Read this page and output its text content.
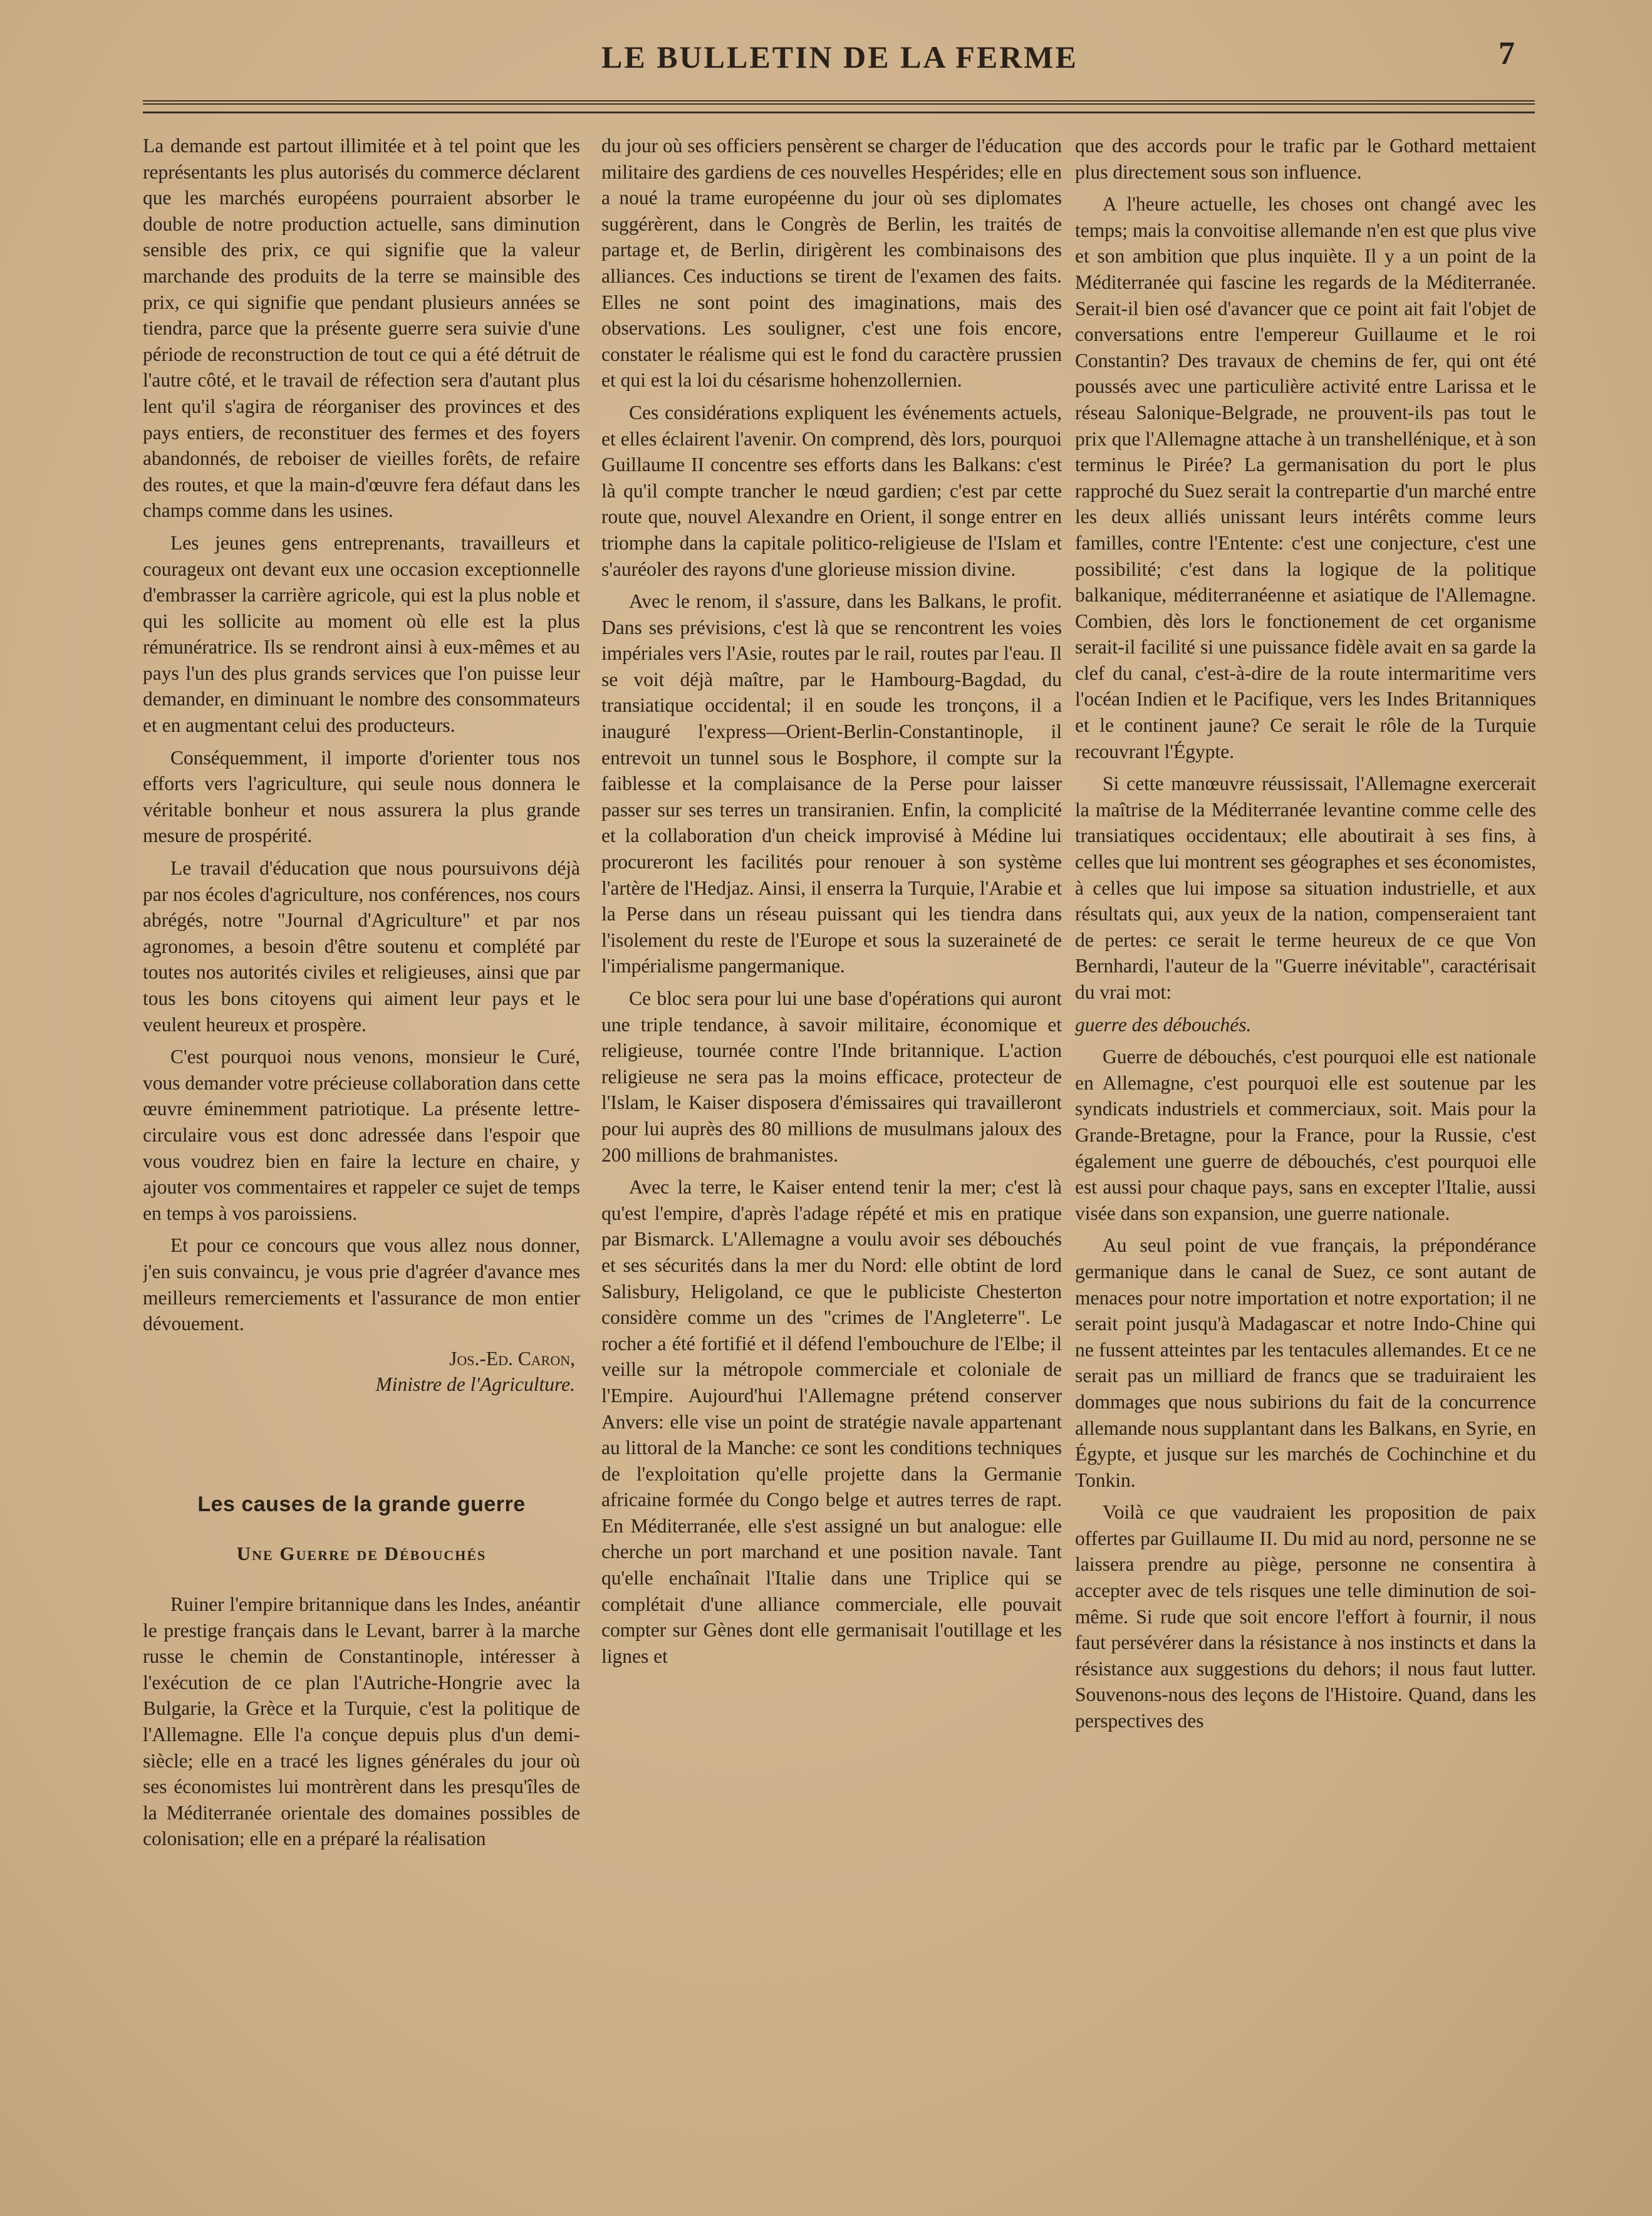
LE BULLETIN DE LA FERME	7

La demande est partout illimitée et à tel point que les représentants les plus autorisés du commerce déclarent que les marchés européens pourraient absorber le double de notre production actuelle, sans diminution sensible des prix, ce qui signifie que la valeur marchande des produits de la terre se mainsible des prix, ce qui signifie que pendant plusieurs années se tiendra, parce que la présente guerre sera suivie d'une période de reconstruction de tout ce qui a été détruit de l'autre côté, et le travail de réfection sera d'autant plus lent qu'il s'agira de réorganiser des provinces et des pays entiers, de reconstituer des fermes et des foyers abandonnés, de reboiser de vieilles forêts, de refaire des routes, et que la main-d'œuvre fera défaut dans les champs comme dans les usines.

Les jeunes gens entreprenants, travailleurs et courageux ont devant eux une occasion exceptionnelle d'embrasser la carrière agricole, qui est la plus noble et qui les sollicite au moment où elle est la plus rémunératrice. Ils se rendront ainsi à eux-mêmes et au pays l'un des plus grands services que l'on puisse leur demander, en diminuant le nombre des consommateurs et en augmentant celui des producteurs.

Conséquemment, il importe d'orienter tous nos efforts vers l'agriculture, qui seule nous donnera le véritable bonheur et nous assurera la plus grande mesure de prospérité.

Le travail d'éducation que nous poursuivons déjà par nos écoles d'agriculture, nos conférences, nos cours abrégés, notre "Journal d'Agriculture" et par nos agronomes, a besoin d'être soutenu et complété par toutes nos autorités civiles et religieuses, ainsi que par tous les bons citoyens qui aiment leur pays et le veulent heureux et prospère.

C'est pourquoi nous venons, monsieur le Curé, vous demander votre précieuse collaboration dans cette œuvre éminemment patriotique. La présente lettre-circulaire vous est donc adressée dans l'espoir que vous voudrez bien en faire la lecture en chaire, y ajouter vos commentaires et rappeler ce sujet de temps en temps à vos paroissiens.

Et pour ce concours que vous allez nous donner, j'en suis convaincu, je vous prie d'agréer d'avance mes meilleurs remerciements et l'assurance de mon entier dévouement.

Jos.-Ed. Caron,
Ministre de l'Agriculture.
Les causes de la grande guerre
Une Guerre de Débouchés

Ruiner l'empire britannique dans les Indes, anéantir le prestige français dans le Levant, barrer à la marche russe le chemin de Constantinople, intéresser à l'exécution de ce plan l'Autriche-Hongrie avec la Bulgarie, la Grèce et la Turquie, c'est la politique de l'Allemagne. Elle l'a conçue depuis plus d'un demi-siècle; elle en a tracé les lignes générales du jour où ses économistes lui montrèrent dans les presqu'îles de la Méditerranée orientale des domaines possibles de colonisation; elle en a préparé la réalisation

du jour où ses officiers pensèrent se charger de l'éducation militaire des gardiens de ces nouvelles Hespérides; elle en a noué la trame européenne du jour où ses diplomates suggérèrent, dans le Congrès de Berlin, les traités de partage et, de Berlin, dirigèrent les combinaisons des alliances. Ces inductions se tirent de l'examen des faits. Elles ne sont point des imaginations, mais des observations. Les souligner, c'est une fois encore, constater le réalisme qui est le fond du caractère prussien et qui est la loi du césarisme hohenzollernien.

Ces considérations expliquent les événements actuels, et elles éclairent l'avenir. On comprend, dès lors, pourquoi Guillaume II concentre ses efforts dans les Balkans: c'est là qu'il compte trancher le nœud gardien; c'est par cette route que, nouvel Alexandre en Orient, il songe entrer en triomphe dans la capitale politico-religieuse de l'Islam et s'auréoler des rayons d'une glorieuse mission divine.

Avec le renom, il s'assure, dans les Balkans, le profit. Dans ses prévisions, c'est là que se rencontrent les voies impériales vers l'Asie, routes par le rail, routes par l'eau. Il se voit déjà maître, par le Hambourg-Bagdad, du transiatique occidental; il en soude les tronçons, il a inauguré l'express—Orient-Berlin-Constantinople, il entrevoit un tunnel sous le Bosphore, il compte sur la faiblesse et la complaisance de la Perse pour laisser passer sur ses terres un transiranien. Enfin, la complicité et la collaboration d'un cheick improvisé à Médine lui procureront les facilités pour renouer à son système l'artère de l'Hedjaz. Ainsi, il enserra la Turquie, l'Arabie et la Perse dans un réseau puissant qui les tiendra dans l'isolement du reste de l'Europe et sous la suzeraineté de l'impérialisme pangermanique.

Ce bloc sera pour lui une base d'opérations qui auront une triple tendance, à savoir militaire, économique et religieuse, tournée contre l'Inde britannique. L'action religieuse ne sera pas la moins efficace, protecteur de l'Islam, le Kaiser disposera d'émissaires qui travailleront pour lui auprès des 80 millions de musulmans jaloux des 200 millions de brahmanistes.

Avec la terre, le Kaiser entend tenir la mer; c'est là qu'est l'empire, d'après l'adage répété et mis en pratique par Bismarck. L'Allemagne a voulu avoir ses débouchés et ses sécurités dans la mer du Nord: elle obtint de lord Salisbury, Heligoland, ce que le publiciste Chesterton considère comme un des "crimes de l'Angleterre". Le rocher a été fortifié et il défend l'embouchure de l'Elbe; il veille sur la métropole commerciale et coloniale de l'Empire. Aujourd'hui l'Allemagne prétend conserver Anvers: elle vise un point de stratégie navale appartenant au littoral de la Manche: ce sont les conditions techniques de l'exploitation qu'elle projette dans la Germanie africaine formée du Congo belge et autres terres de rapt. En Méditerranée, elle s'est assigné un but analogue: elle cherche un port marchand et une position navale. Tant qu'elle enchaînait l'Italie dans une Triplice qui se complétait d'une alliance commerciale, elle pouvait compter sur Gènes dont elle germanisait l'outillage et les lignes et

que des accords pour le trafic par le Gothard mettaient plus directement sous son influence.

A l'heure actuelle, les choses ont changé avec les temps; mais la convoitise allemande n'en est que plus vive et son ambition que plus inquiète. Il y a un point de la Méditerranée qui fascine les regards de la Méditerranée. Serait-il bien osé d'avancer que ce point ait fait l'objet de conversations entre l'empereur Guillaume et le roi Constantin? Des travaux de chemins de fer, qui ont été poussés avec une particulière activité entre Larissa et le réseau Salonique-Belgrade, ne prouvent-ils pas tout le prix que l'Allemagne attache à un transhellénique, et à son terminus le Pirée? La germanisation du port le plus rapproché du Suez serait la contrepartie d'un marché entre les deux alliés unissant leurs intérêts comme leurs familles, contre l'Entente: c'est une conjecture, c'est une possibilité; c'est dans la logique de la politique balkanique, méditerranéenne et asiatique de l'Allemagne. Combien, dès lors le fonctionement de cet organisme serait-il facilité si une puissance fidèle avait en sa garde la clef du canal, c'est-à-dire de la route intermaritime vers l'océan Indien et le Pacifique, vers les Indes Britanniques et le continent jaune? Ce serait le rôle de la Turquie recouvrant l'Égypte.

Si cette manœuvre réussissait, l'Allemagne exercerait la maîtrise de la Méditerranée levantine comme celle des transiatiques occidentaux; elle aboutirait à ses fins, à celles que lui montrent ses géographes et ses économistes, à celles que lui impose sa situation industrielle, et aux résultats qui, aux yeux de la nation, compenseraient tant de pertes: ce serait le terme heureux de ce que Von Bernhardi, l'auteur de la "Guerre inévitable", caractérisait du vrai mot:

guerre des débouchés.

Guerre de débouchés, c'est pourquoi elle est nationale en Allemagne, c'est pourquoi elle est soutenue par les syndicats industriels et commerciaux, soit. Mais pour la Grande-Bretagne, pour la France, pour la Russie, c'est également une guerre de débouchés, c'est pourquoi elle est aussi pour chaque pays, sans en excepter l'Italie, aussi visée dans son expansion, une guerre nationale.

Au seul point de vue français, la prépondérance germanique dans le canal de Suez, ce sont autant de menaces pour notre importation et notre exportation; il ne serait point jusqu'à Madagascar et notre Indo-Chine qui ne fussent atteintes par les tentacules allemandes. Et ce ne serait pas un milliard de francs que se traduiraient les dommages que nous subirions du fait de la concurrence allemande nous supplantant dans les Balkans, en Syrie, en Égypte, et jusque sur les marchés de Cochinchine et du Tonkin.

Voilà ce que vaudraient les proposition de paix offertes par Guillaume II. Du mid au nord, personne ne se laissera prendre au piège, personne ne consentira à accepter avec de tels risques une telle diminution de soi-même. Si rude que soit encore l'effort à fournir, il nous faut persévérer dans la résistance à nos instincts et dans la résistance aux suggestions du dehors; il nous faut lutter. Souvenons-nous des leçons de l'Histoire. Quand, dans les perspectives des
